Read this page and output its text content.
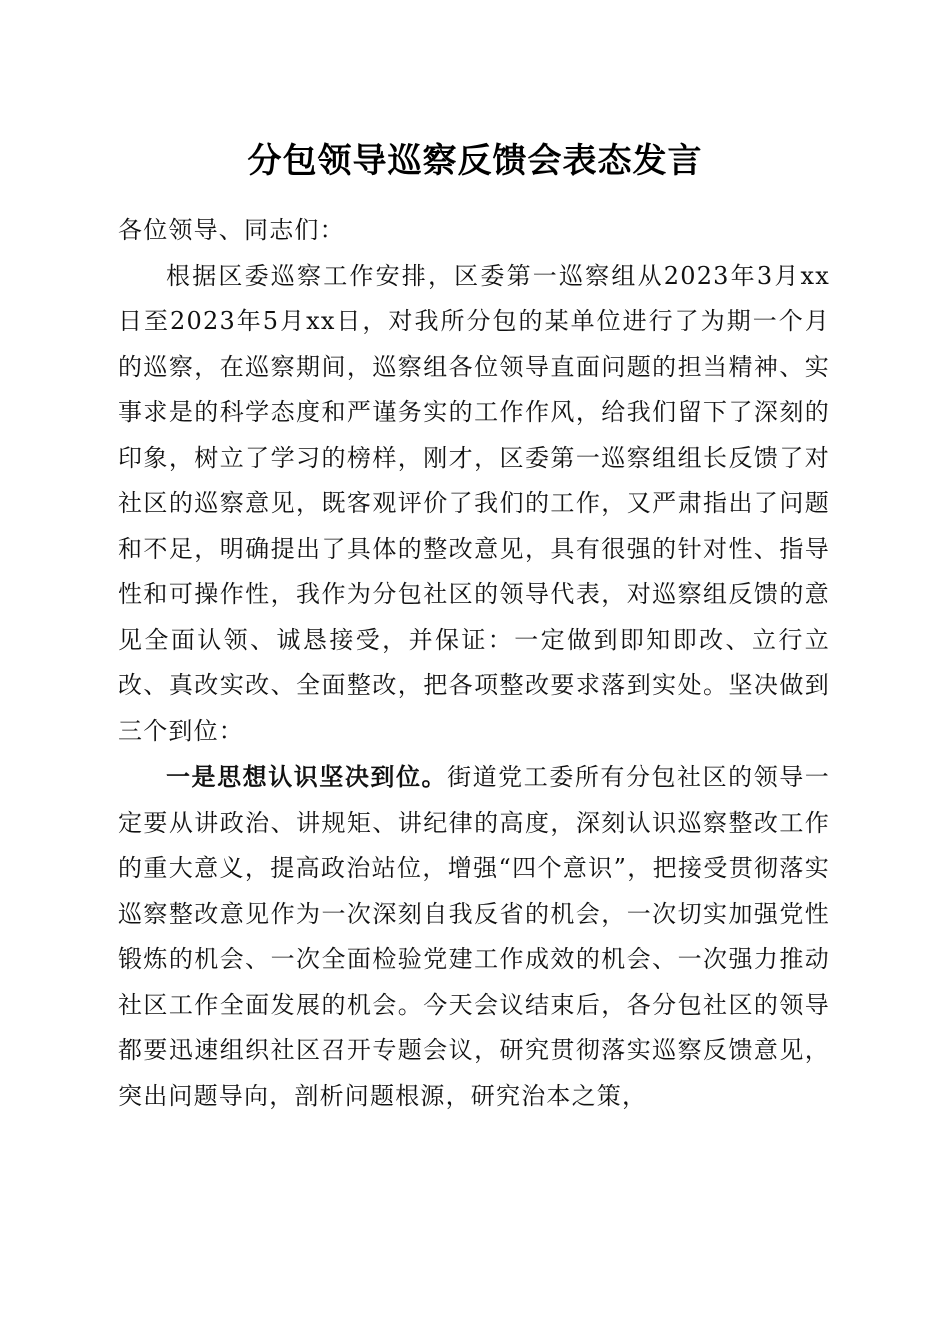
分包领导巡察反馈会表态发言

各位领导、同志们：

根据区委巡察工作安排，区委第一巡察组从2023年3月xx日至2023年5月xx日，对我所分包的某单位进行了为期一个月的巡察，在巡察期间，巡察组各位领导直面问题的担当精神、实事求是的科学态度和严谨务实的工作作风，给我们留下了深刻的印象，树立了学习的榜样，刚才，区委第一巡察组组长反馈了对社区的巡察意见，既客观评价了我们的工作，又严肃指出了问题和不足，明确提出了具体的整改意见，具有很强的针对性、指导性和可操作性，我作为分包社区的领导代表，对巡察组反馈的意见全面认领、诚恳接受，并保证：一定做到即知即改、立行立改、真改实改、全面整改，把各项整改要求落到实处。坚决做到三个到位：

一是思想认识坚决到位。街道党工委所有分包社区的领导一定要从讲政治、讲规矩、讲纪律的高度，深刻认识巡察整改工作的重大意义，提高政治站位，增强“四个意识”，把接受贯彻落实巡察整改意见作为一次深刻自我反省的机会，一次切实加强党性锻炼的机会、一次全面检验党建工作成效的机会、一次强力推动社区工作全面发展的机会。今天会议结束后，各分包社区的领导都要迅速组织社区召开专题会议，研究贯彻落实巡察反馈意见，突出问题导向，剖析问题根源，研究治本之策，
